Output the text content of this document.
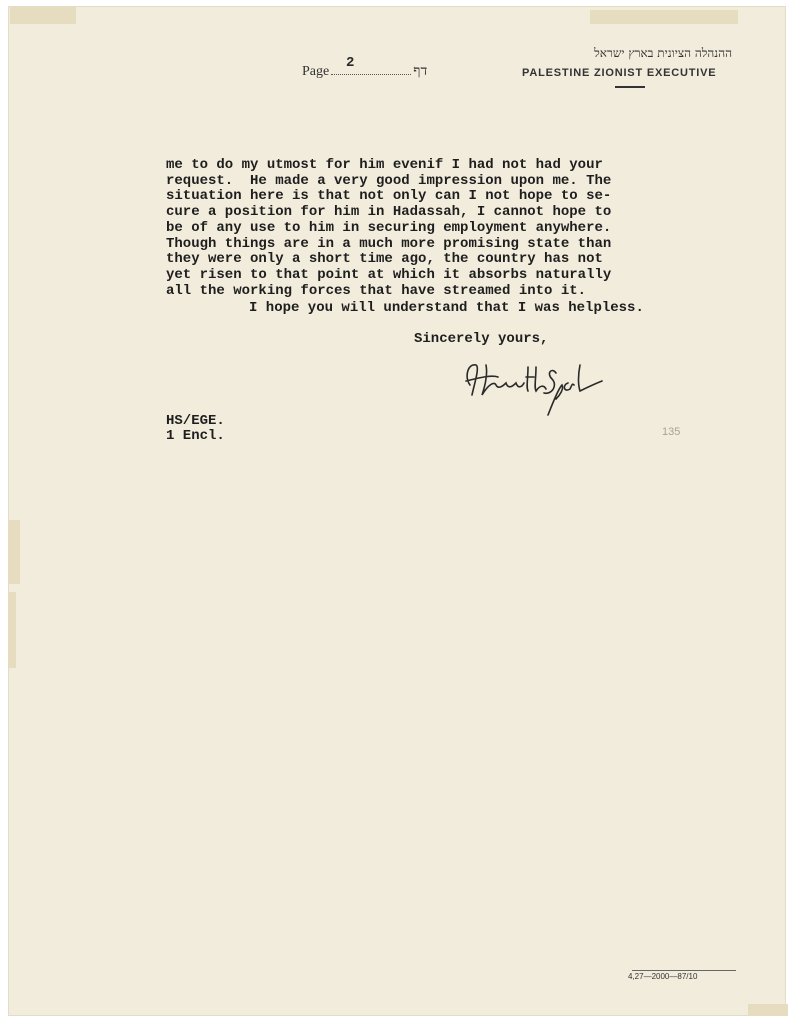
ההנהלה הציונית בארץ ישראל
PALESTINE ZIONIST EXECUTIVE
2
Page	דף
me to do my utmost for him evenif I had not had your
request.  He made a very good impression upon me. The
situation here is that not only can I not hope to se-
cure a position for him in Hadassah, I cannot hope to
be of any use to him in securing employment anywhere.
Though things are in a much more promising state than
they were only a short time ago, the country has not
yet risen to that point at which it absorbs naturally
all the working forces that have streamed into it.
I hope you will understand that I was helpless.
Sincerely yours,
HS/EGE.
1 Encl.	135
4,27—2000—87/10
